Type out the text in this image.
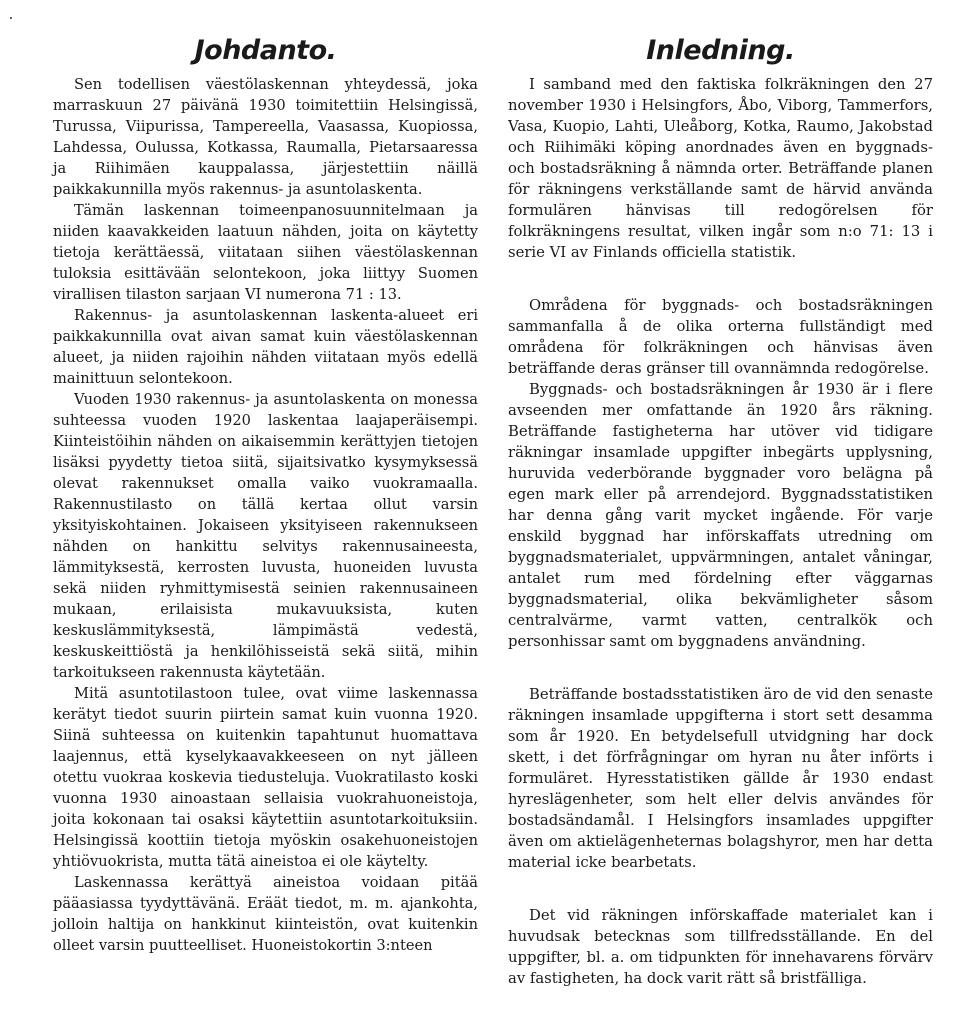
Johdanto.

Sen todellisen väestölaskennan yhteydessä, joka marraskuun 27 päivänä 1930 toimitettiin Helsingissä, Turussa, Viipurissa, Tampereella, Vaasassa, Kuopiossa, Lahdessa, Oulussa, Kotkassa, Raumalla, Pietarsaaressa ja Riihimäen kauppalassa, järjestettiin näillä paikkakunnilla myös rakennus- ja asuntolaskenta.

Tämän laskennan toimeenpanosuunnitelmaan ja niiden kaavakkeiden laatuun nähden, joita on käytetty tietoja kerättäessä, viitataan siihen väestölaskennan tuloksia esittävään selontekoon, joka liittyy Suomen virallisen tilaston sarjaan VI numerona 71 : 13.

Rakennus- ja asuntolaskennan laskenta-alueet eri paikkakunnilla ovat aivan samat kuin väestölaskennan alueet, ja niiden rajoihin nähden viitataan myös edellä mainittuun selontekoon.

Vuoden 1930 rakennus- ja asuntolaskenta on monessa suhteessa vuoden 1920 laskentaa laajaperäisempi. Kiinteistöihin nähden on aikaisemmin kerättyjen tietojen lisäksi pyydetty tietoa siitä, sijaitsivatko kysymyksessä olevat rakennukset omalla vaiko vuokramaalla. Rakennustilasto on tällä kertaa ollut varsin yksityiskohtainen. Jokaiseen yksityiseen rakennukseen nähden on hankittu selvitys rakennusaineesta, lämmityksestä, kerrosten luvusta, huoneiden luvusta sekä niiden ryhmittymisestä seinien rakennusaineen mukaan, erilaisista mukavuuksista, kuten keskuslämmityksestä, lämpimästä vedestä, keskuskeittiöstä ja henkilöhisseistä sekä siitä, mihin tarkoitukseen rakennusta käytetään.

Mitä asuntotilastoon tulee, ovat viime laskennassa kerätyt tiedot suurin piirtein samat kuin vuonna 1920. Siinä suhteessa on kuitenkin tapahtunut huomattava laajennus, että kyselykaavakkeeseen on nyt jälleen otettu vuokraa koskevia tiedusteluja. Vuokratilasto koski vuonna 1930 ainoastaan sellaisia vuokrahuoneistoja, joita kokonaan tai osaksi käytettiin asuntotarkoituksiin. Helsingissä koottiin tietoja myöskin osakehuoneistojen yhtiövuokrista, mutta tätä aineistoa ei ole käytelty.

Laskennassa kerättyä aineistoa voidaan pitää pääasiassa tyydyttävänä. Eräät tiedot, m. m. ajankohta, jolloin haltija on hankkinut kiinteistön, ovat kuitenkin olleet varsin puutteelliset. Huoneistokortin 3:nteen

Inledning.

I samband med den faktiska folkräkningen den 27 november 1930 i Helsingfors, Åbo, Viborg, Tammerfors, Vasa, Kuopio, Lahti, Uleåborg, Kotka, Raumo, Jakobstad och Riihimäki köping anordnades även en byggnads- och bostadsräkning å nämnda orter. Beträffande planen för räkningens verkställande samt de härvid använda formulären hänvisas till redogörelsen för folkräkningens resultat, vilken ingår som n:o 71: 13 i serie VI av Finlands officiella statistik.

Områdena för byggnads- och bostadsräkningen sammanfalla å de olika orterna fullständigt med områdena för folkräkningen och hänvisas även beträffande deras gränser till ovannämnda redogörelse.

Byggnads- och bostadsräkningen år 1930 är i flere avseenden mer omfattande än 1920 års räkning. Beträffande fastigheterna har utöver vid tidigare räkningar insamlade uppgifter inbegärts upplysning, huruvida vederbörande byggnader voro belägna på egen mark eller på arrendejord. Byggnadsstatistiken har denna gång varit mycket ingående. För varje enskild byggnad har införskaffats utredning om byggnadsmaterialet, uppvärmningen, antalet våningar, antalet rum med fördelning efter väggarnas byggnadsmaterial, olika bekvämligheter såsom centralvärme, varmt vatten, centralkök och personhissar samt om byggnadens användning.

Beträffande bostadsstatistiken äro de vid den senaste räkningen insamlade uppgifterna i stort sett desamma som år 1920. En betydelsefull utvidgning har dock skett, i det förfrågningar om hyran nu åter införts i formuläret. Hyresstatistiken gällde år 1930 endast hyreslägenheter, som helt eller delvis användes för bostadsändamål. I Helsingfors insamlades uppgifter även om aktielägenheternas bolagshyror, men har detta material icke bearbetats.

Det vid räkningen införskaffade materialet kan i huvudsak betecknas som tillfredsställande. En del uppgifter, bl. a. om tidpunkten för innehavarens förvärv av fastigheten, ha dock varit rätt så bristfälliga.
